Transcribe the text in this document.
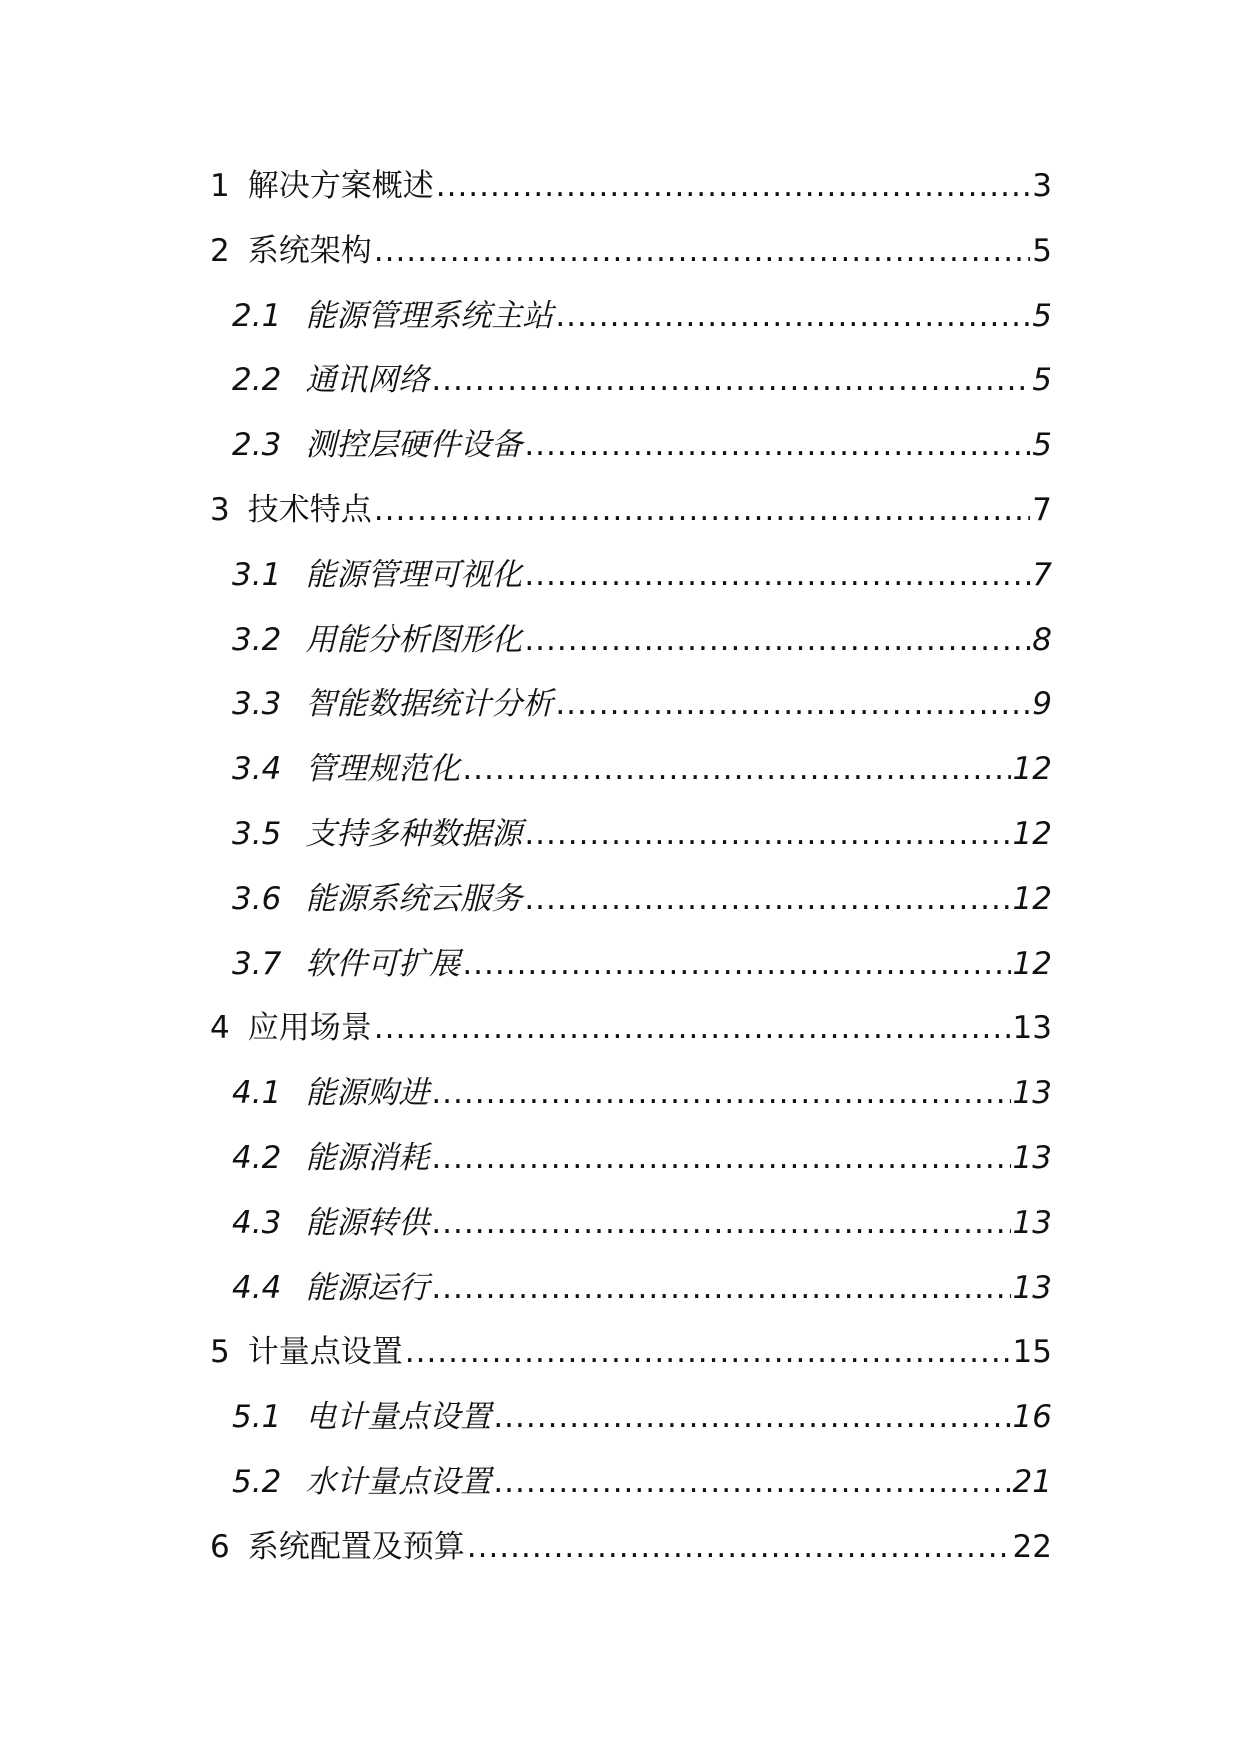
1 解决方案概述 .....	3
2 系统架构 .....	5
2.1 能源管理系统主站 .....	5
2.2 通讯网络 .....	5
2.3 测控层硬件设备 .....	5
3 技术特点 .....	7
3.1 能源管理可视化 .....	7
3.2 用能分析图形化 .....	8
3.3 智能数据统计分析 .....	9
3.4 管理规范化 .....	12
3.5 支持多种数据源 .....	12
3.6 能源系统云服务 .....	12
3.7 软件可扩展 .....	12
4 应用场景 .....	13
4.1 能源购进 .....	13
4.2 能源消耗 .....	13
4.3 能源转供 .....	13
4.4 能源运行 .....	13
5 计量点设置 .....	15
5.1 电计量点设置 .....	16
5.2 水计量点设置 .....	21
6 系统配置及预算 .....	22
